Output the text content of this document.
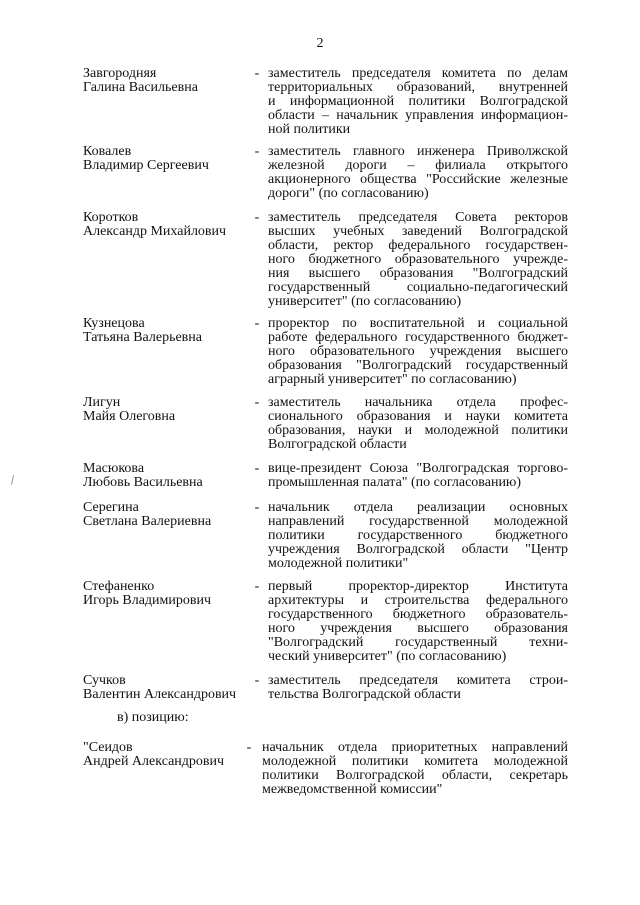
2
Завгородняя
Галина Васильевна
- заместитель председателя комитета по делам
территориальных образований, внутренней
и информационной политики Волгоградской
области – начальник управления информацион-
ной политики
Ковалев
Владимир Сергеевич
- заместитель главного инженера Приволжской
железной дороги – филиала открытого
акционерного общества "Российские железные
дороги" (по согласованию)
Коротков
Александр Михайлович
- заместитель председателя Совета ректоров
высших учебных заведений Волгоградской
области, ректор федерального государствен-
ного бюджетного образовательного учрежде-
ния высшего образования "Волгоградский
государственный социально-педагогический
университет" (по согласованию)
Кузнецова
Татьяна Валерьевна
- проректор по воспитательной и социальной
работе федерального государственного бюджет-
ного образовательного учреждения высшего
образования "Волгоградский государственный
аграрный университет" по согласованию)
Лигун
Майя Олеговна
- заместитель начальника отдела профес-
сионального образования и науки комитета
образования, науки и молодежной политики
Волгоградской области
Масюкова
Любовь Васильевна
- вице-президент Союза "Волгоградская торгово-
промышленная палата" (по согласованию)
Серегина
Светлана Валериевна
- начальник отдела реализации основных
направлений государственной молодежной
политики государственного бюджетного
учреждения Волгоградской области "Центр
молодежной политики"
Стефаненко
Игорь Владимирович
- первый проректор-директор Института
архитектуры и строительства федерального
государственного бюджетного образователь-
ного учреждения высшего образования
"Волгоградский государственный техни-
ческий университет" (по согласованию)
Сучков
Валентин Александрович
- заместитель председателя комитета строи-
тельства Волгоградской области
в) позицию:
"Сеидов
Андрей Александрович
- начальник отдела приоритетных направлений
молодежной политики комитета молодежной
политики Волгоградской области, секретарь
межведомственной комиссии"
